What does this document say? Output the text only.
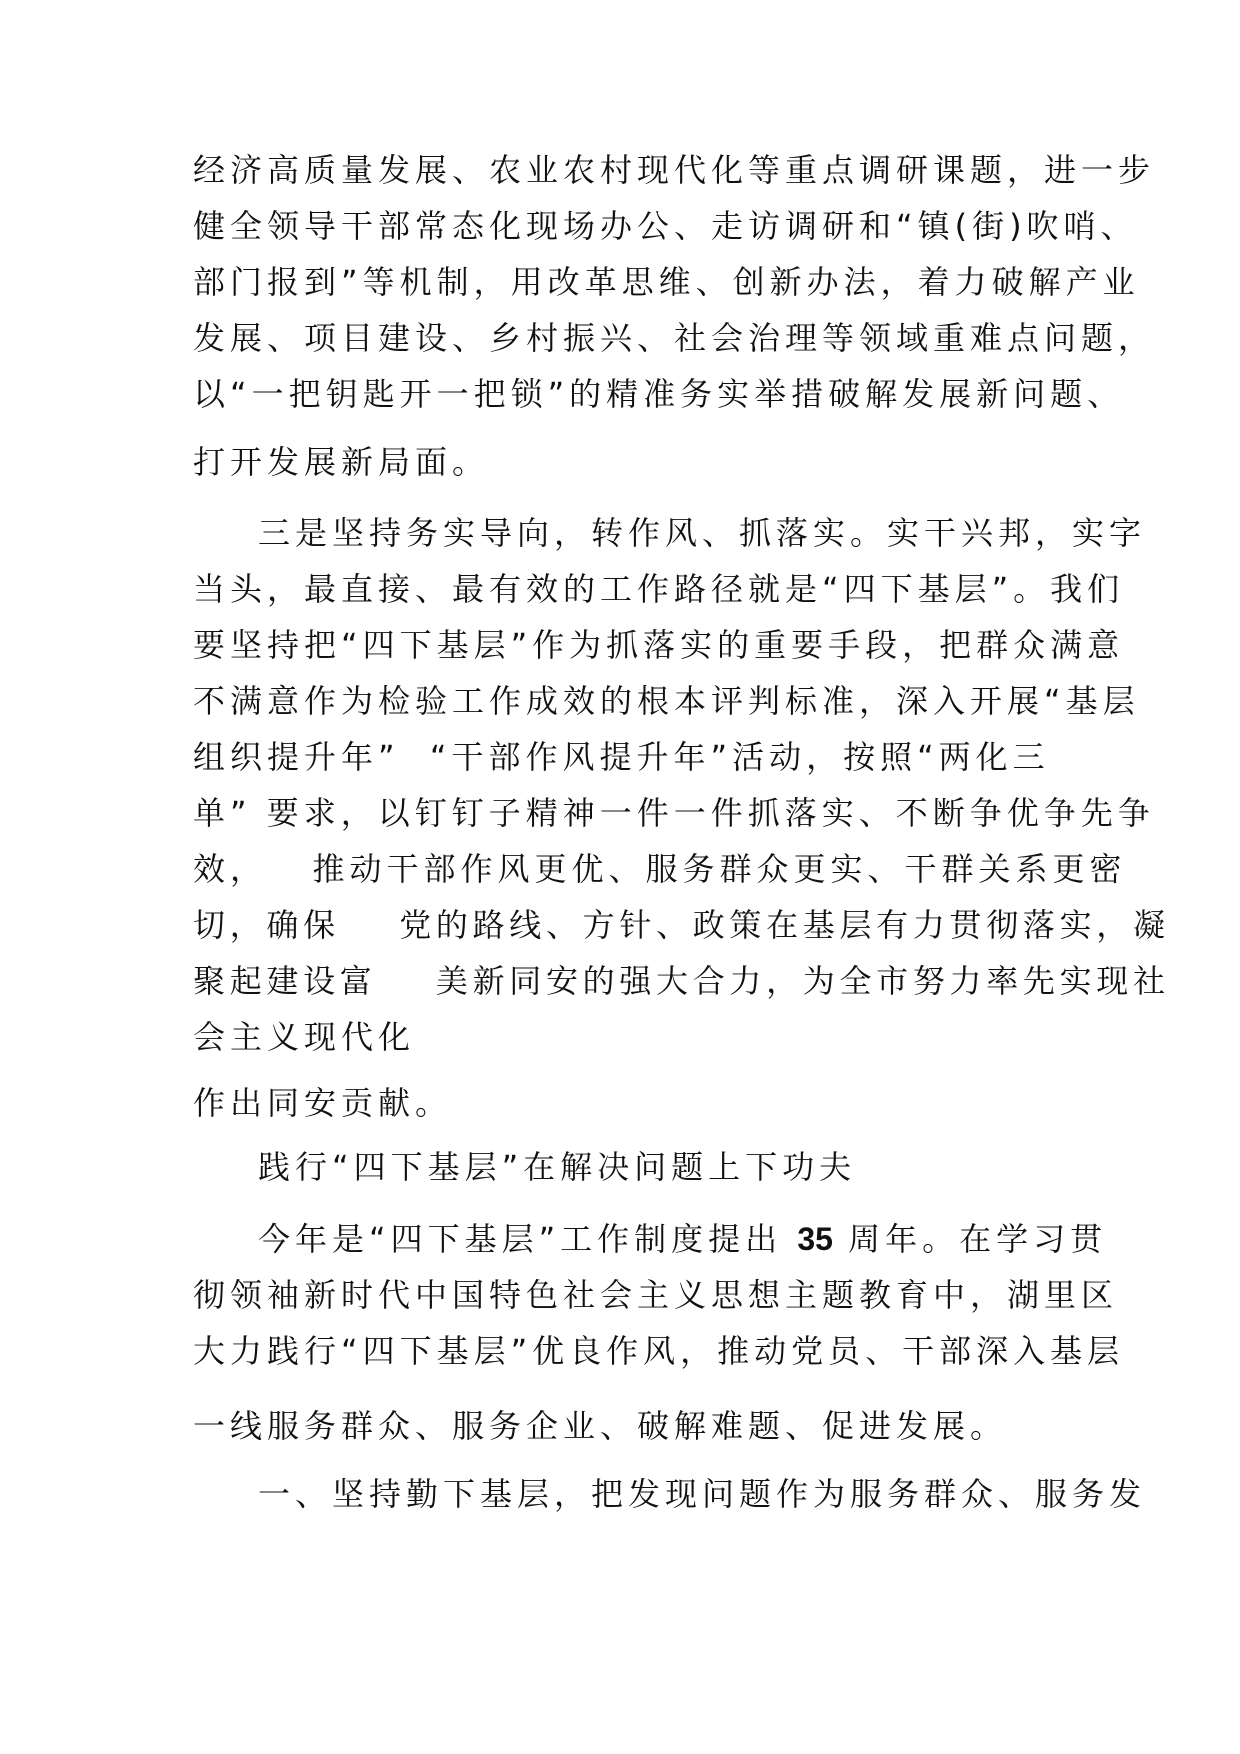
经济高质量发展、农业农村现代化等重点调研课题，进一步
健全领导干部常态化现场办公、走访调研和“镇(街)吹哨、
部门报到”等机制，用改革思维、创新办法，着力破解产业
发展、项目建设、乡村振兴、社会治理等领域重难点问题，
以“一把钥匙开一把锁”的精准务实举措破解发展新问题、
打开发展新局面。
三是坚持务实导向，转作风、抓落实。实干兴邦，实字
当头，最直接、最有效的工作路径就是“四下基层”。我们
要坚持把“四下基层”作为抓落实的重要手段，把群众满意
不满意作为检验工作成效的根本评判标准，深入开展“基层
组织提升年”  “干部作风提升年”活动，按照“两化三
单” 要求，以钉钉子精神一件一件抓落实、不断争优争先争
效，   推动干部作风更优、服务群众更实、干群关系更密
切，确保    党的路线、方针、政策在基层有力贯彻落实，凝
聚起建设富    美新同安的强大合力，为全市努力率先实现社
会主义现代化
作出同安贡献。
践行“四下基层”在解决问题上下功夫
今年是“四下基层”工作制度提出 35 周年。在学习贯
彻领袖新时代中国特色社会主义思想主题教育中，湖里区
大力践行“四下基层”优良作风，推动党员、干部深入基层
一线服务群众、服务企业、破解难题、促进发展。
一、坚持勤下基层，把发现问题作为服务群众、服务发
